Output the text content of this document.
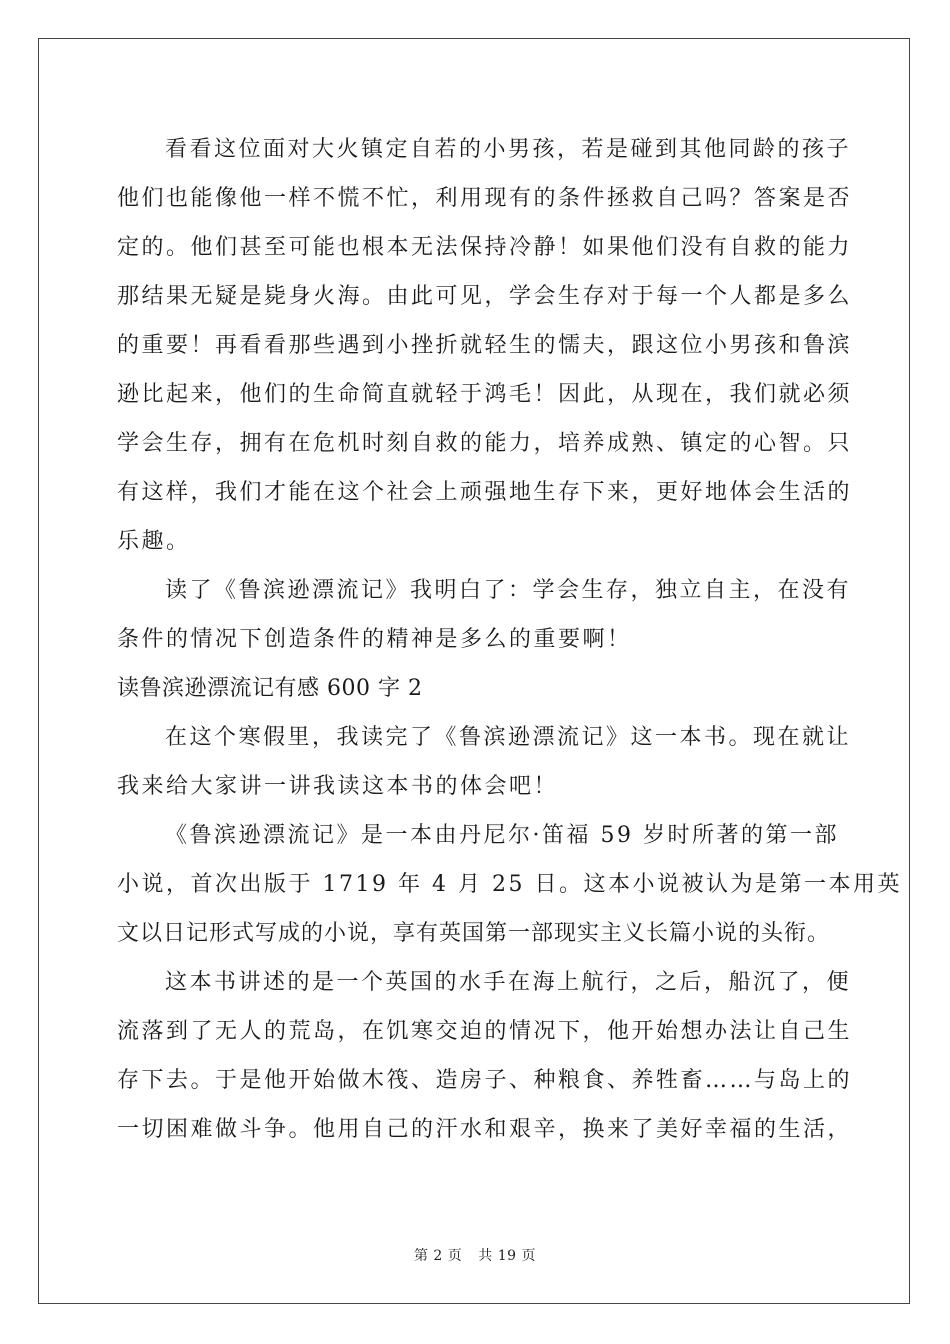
看看这位面对大火镇定自若的小男孩，若是碰到其他同龄的孩子
他们也能像他一样不慌不忙，利用现有的条件拯救自己吗？答案是否
定的。他们甚至可能也根本无法保持冷静！如果他们没有自救的能力
那结果无疑是毙身火海。由此可见，学会生存对于每一个人都是多么
的重要！再看看那些遇到小挫折就轻生的懦夫，跟这位小男孩和鲁滨
逊比起来，他们的生命简直就轻于鸿毛！因此，从现在，我们就必须
学会生存，拥有在危机时刻自救的能力，培养成熟、镇定的心智。只
有这样，我们才能在这个社会上顽强地生存下来，更好地体会生活的
乐趣。
读了《鲁滨逊漂流记》我明白了：学会生存，独立自主，在没有
条件的情况下创造条件的精神是多么的重要啊！
读鲁滨逊漂流记有感 600 字 2
在这个寒假里，我读完了《鲁滨逊漂流记》这一本书。现在就让
我来给大家讲一讲我读这本书的体会吧！
《鲁滨逊漂流记》是一本由丹尼尔·笛福 59 岁时所著的第一部
小说，首次出版于 1719 年 4 月 25 日。这本小说被认为是第一本用英
文以日记形式写成的小说，享有英国第一部现实主义长篇小说的头衔。
这本书讲述的是一个英国的水手在海上航行，之后，船沉了，便
流落到了无人的荒岛，在饥寒交迫的情况下，他开始想办法让自己生
存下去。于是他开始做木筏、造房子、种粮食、养牲畜……与岛上的
一切困难做斗争。他用自己的汗水和艰辛，换来了美好幸福的生活，
第 2 页 共 19 页
